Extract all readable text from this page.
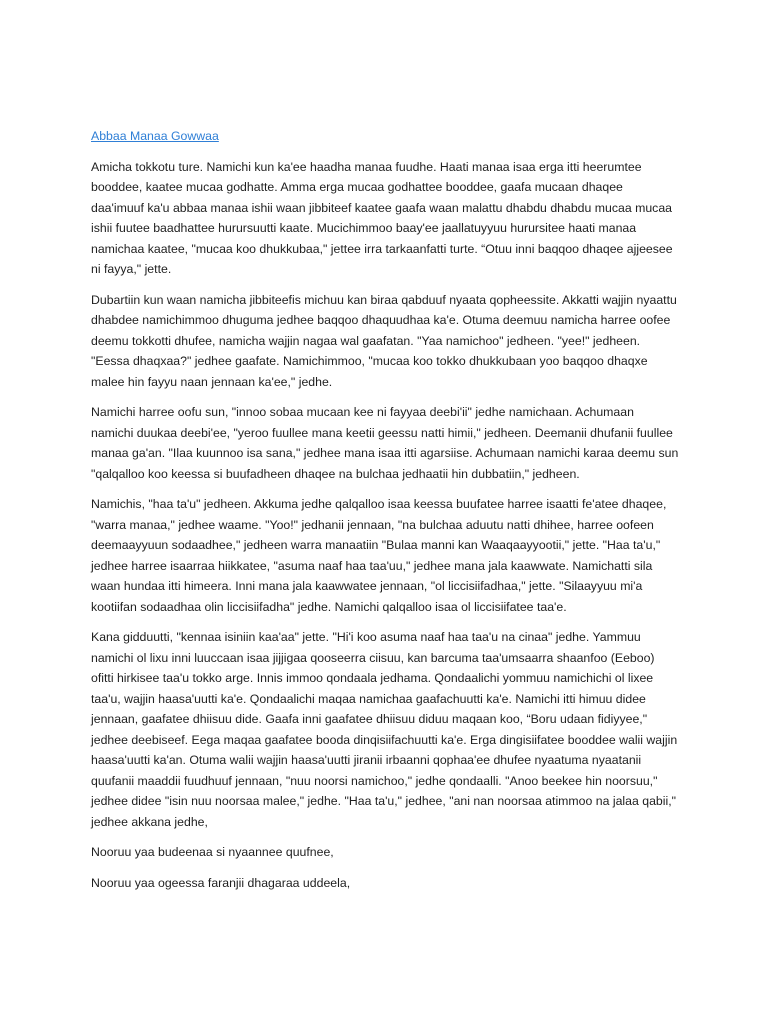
Abbaa Manaa Gowwaa

Amicha tokkotu ture. Namichi kun ka'ee haadha manaa fuudhe. Haati manaa isaa erga itti heerumtee booddee, kaatee mucaa godhatte. Amma erga mucaa godhattee booddee, gaafa mucaan dhaqee daa'imuuf ka'u abbaa manaa ishii waan jibbiteef kaatee gaafa waan malattu dhabdu dhabdu mucaa mucaa ishii fuutee baadhattee hurursuutti kaate. Mucichimmoo baay'ee jaallatuyyuu hurursitee haati manaa namichaa kaatee, "mucaa koo dhukkubaa," jettee irra tarkaanfatti turte. “Otuu inni baqqoo dhaqee ajjeesee ni fayya," jette.

Dubartiin kun waan namicha jibbiteefis michuu kan biraa qabduuf nyaata qopheessite. Akkatti wajjin nyaattu dhabdee namichimmoo dhuguma jedhee baqqoo dhaquudhaa ka'e. Otuma deemuu namicha harree oofee deemu tokkotti dhufee, namicha wajjin nagaa wal gaafatan. "Yaa namichoo" jedheen. "yee!" jedheen. "Eessa dhaqxaa?" jedhee gaafate. Namichimmoo, "mucaa koo tokko dhukkubaan yoo baqqoo dhaqxe malee hin fayyu naan jennaan ka'ee," jedhe.

Namichi harree oofu sun, "innoo sobaa mucaan kee ni fayyaa deebi'ii" jedhe namichaan. Achumaan namichi duukaa deebi'ee, "yeroo fuullee mana keetii geessu natti himii," jedheen. Deemanii dhufanii fuullee manaa ga'an. "Ilaa kuunnoo isa sana," jedhee mana isaa itti agarsiise. Achumaan namichi karaa deemu sun "qalqalloo koo keessa si buufadheen dhaqee na bulchaa jedhaatii hin dubbatiin," jedheen.

Namichis, "haa ta'u" jedheen. Akkuma jedhe qalqalloo isaa keessa buufatee harree isaatti fe'atee dhaqee, "warra manaa," jedhee waame. "Yoo!" jedhanii jennaan, "na bulchaa aduutu natti dhihee, harree oofeen deemaayyuun sodaadhee," jedheen warra manaatiin "Bulaa manni kan Waaqaayyootii," jette. "Haa ta'u," jedhee harree isaarraa hiikkatee, "asuma naaf haa taa'uu," jedhee mana jala kaawwate. Namichatti sila waan hundaa itti himeera. Inni mana jala kaawwatee jennaan, "ol liccisiifadhaa," jette. "Silaayyuu mi'a kootiifan sodaadhaa olin liccisiifadha" jedhe. Namichi qalqalloo isaa ol liccisiifatee taa'e.

Kana gidduutti, "kennaa isiniin kaa'aa" jette. "Hi'i koo asuma naaf haa taa'u na cinaa" jedhe. Yammuu namichi ol lixu inni luuccaan isaa jijjigaa qooseerra ciisuu, kan barcuma taa'umsaarra shaanfoo (Eeboo) ofitti hirkisee taa'u tokko arge. Innis immoo qondaala jedhama. Qondaalichi yommuu namichichi ol lixee taa'u, wajjin haasa'uutti ka'e. Qondaalichi maqaa namichaa gaafachuutti ka'e. Namichi itti himuu didee jennaan, gaafatee dhiisuu dide. Gaafa inni gaafatee dhiisuu diduu maqaan koo, “Boru udaan fidiyyee," jedhee deebiseef. Eega maqaa gaafatee booda dinqisiifachuutti ka'e. Erga dingisiifatee booddee walii wajjin haasa'uutti ka'an. Otuma walii wajjin haasa'uutti jiranii irbaanni qophaa'ee dhufee nyaatuma nyaatanii quufanii maaddii fuudhuuf jennaan, "nuu noorsi namichoo," jedhe qondaalli. "Anoo beekee hin noorsuu," jedhee didee "isin nuu noorsaa malee," jedhe. "Haa ta'u," jedhee, "ani nan noorsaa atimmoo na jalaa qabii," jedhee akkana jedhe,

Nooruu yaa budeenaa si nyaannee quufnee,

Nooruu yaa ogeessa faranjii dhagaraa uddeela,
